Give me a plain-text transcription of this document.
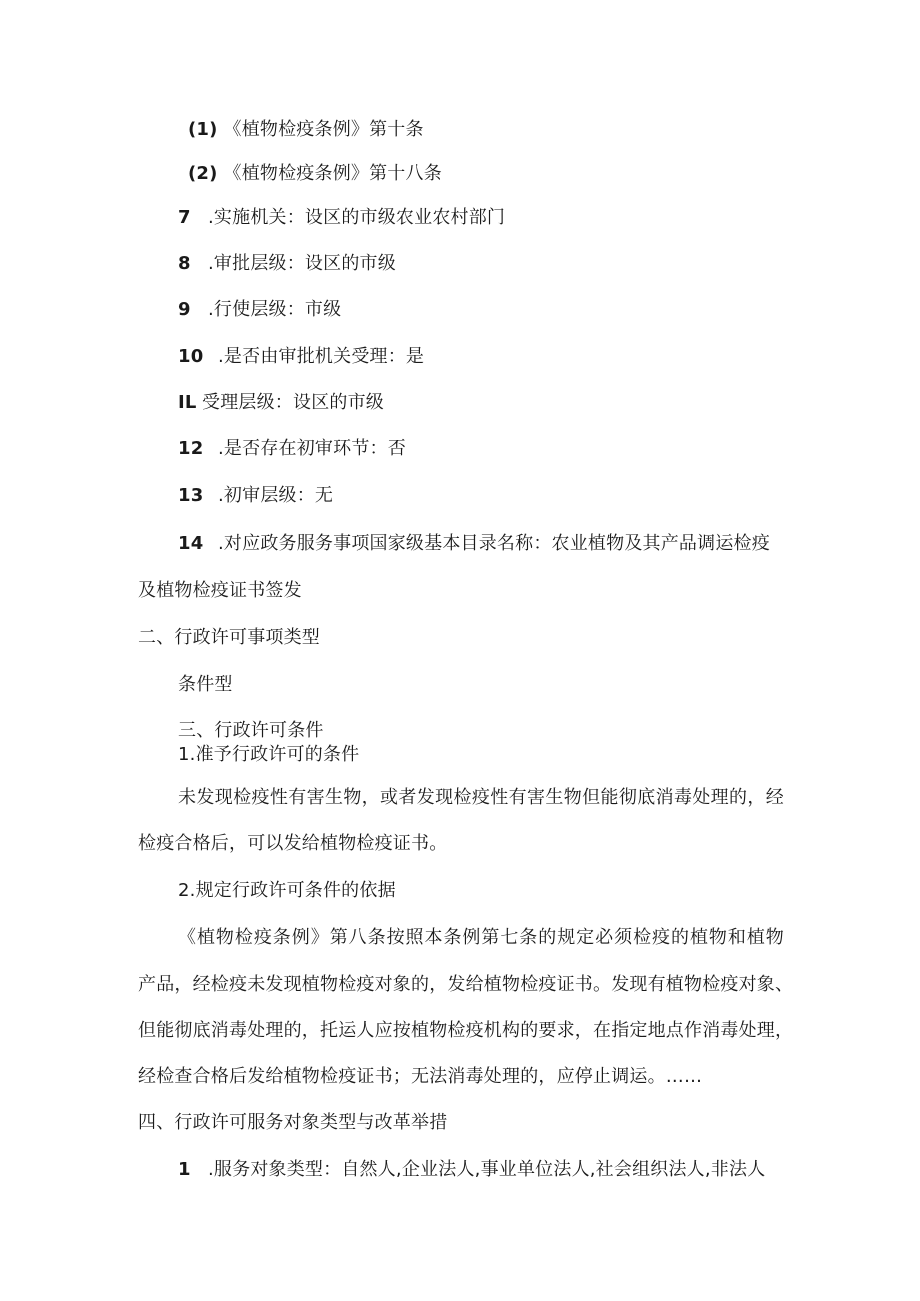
(1) 《植物检疫条例》第十条
(2) 《植物检疫条例》第十八条
7 .实施机关：设区的市级农业农村部门
8 .审批层级：设区的市级
9 .行使层级：市级
10 .是否由审批机关受理：是
IL 受理层级：设区的市级
12 .是否存在初审环节：否
13 .初审层级：无
14 .对应政务服务事项国家级基本目录名称：农业植物及其产品调运检疫
及植物检疫证书签发
二、行政许可事项类型
条件型
三、行政许可条件
1.准予行政许可的条件
未发现检疫性有害生物，或者发现检疫性有害生物但能彻底消毒处理的，经
检疫合格后，可以发给植物检疫证书。
2.规定行政许可条件的依据
《植物检疫条例》第八条按照本条例第七条的规定必须检疫的植物和植物
产品，经检疫未发现植物检疫对象的，发给植物检疫证书。发现有植物检疫对象、
但能彻底消毒处理的，托运人应按植物检疫机构的要求，在指定地点作消毒处理，
经检查合格后发给植物检疫证书；无法消毒处理的，应停止调运。……
四、行政许可服务对象类型与改革举措
1 .服务对象类型：自然人,企业法人,事业单位法人,社会组织法人,非法人
